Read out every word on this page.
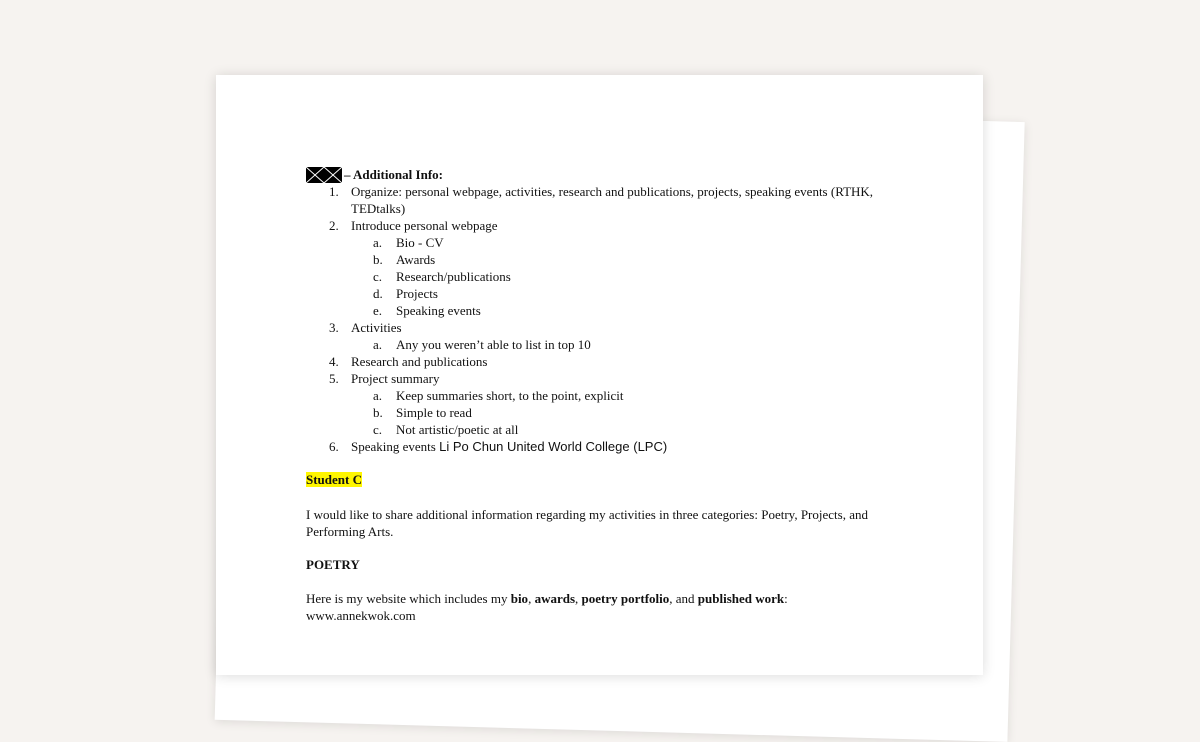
– Additional Info:
1. Organize: personal webpage, activities, research and publications, projects, speaking events (RTHK, TEDtalks)
2. Introduce personal webpage
a.	Bio - CV
b.	Awards
c.	Research/publications
d.	Projects
e.	Speaking events
3. Activities
a.	Any you weren’t able to list in top 10
4. Research and publications
5. Project summary
a.	Keep summaries short, to the point, explicit
b.	Simple to read
c.	Not artistic/poetic at all
6. Speaking events Li Po Chun United World College (LPC)
Student C
I would like to share additional information regarding my activities in three categories: Poetry, Projects, and Performing Arts.
POETRY
Here is my website which includes my bio, awards, poetry portfolio, and published work:
www.annekwok.com
